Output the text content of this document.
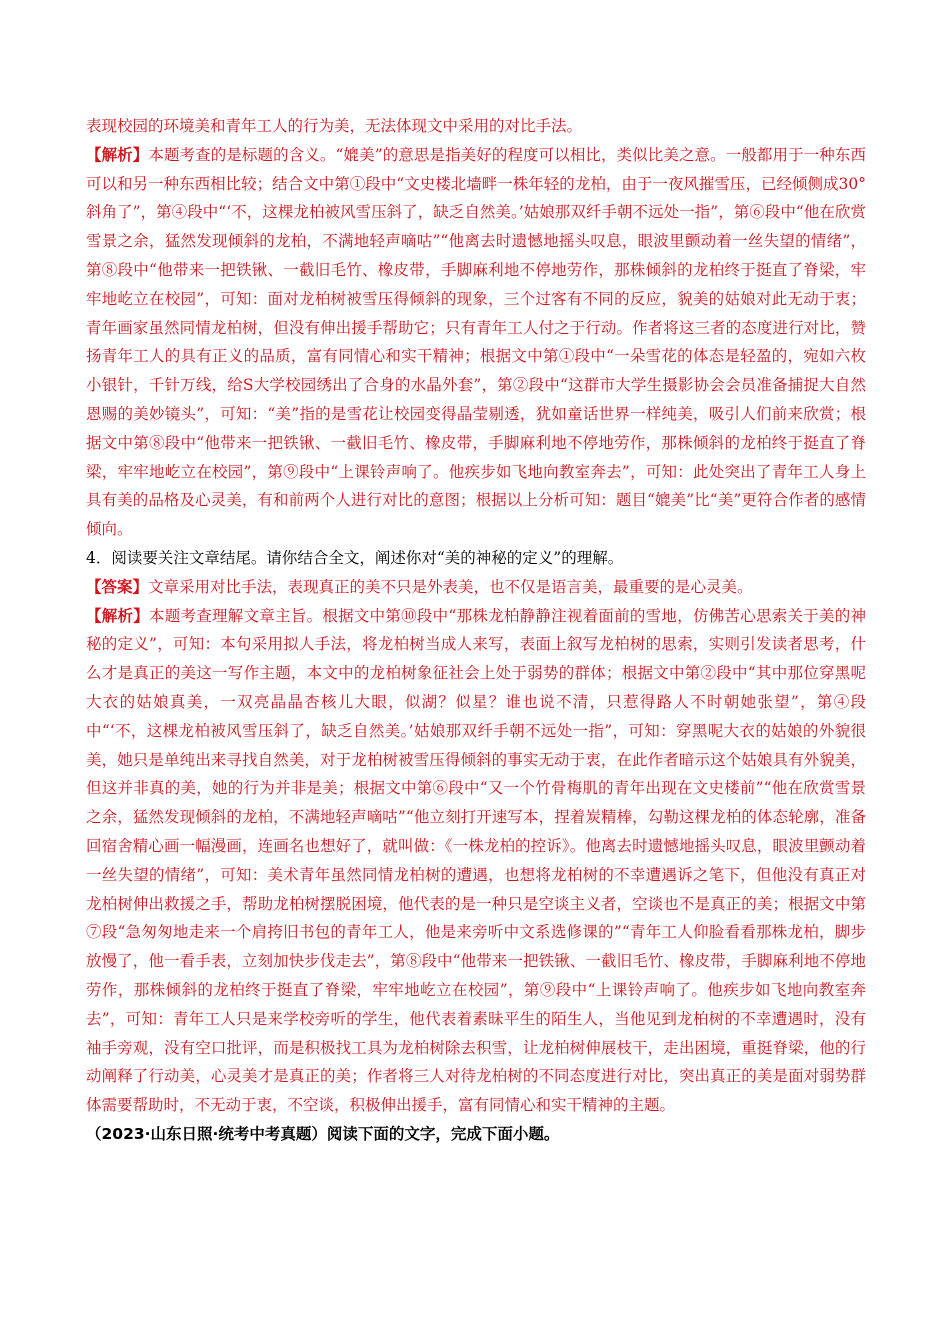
表现校园的环境美和青年工人的行为美，无法体现文中采用的对比手法。

【解析】本题考查的是标题的含义。“媲美”的意思是指美好的程度可以相比，类似比美之意。一般都用于一种东西可以和另一种东西相比较；结合文中第①段中“文史楼北墙畔一株年轻的龙柏，由于一夜风摧雪压，已经倾侧成30°斜角了”，第④段中“‘不，这棵龙柏被风雪压斜了，缺乏自然美。’姑娘那双纤手朝不远处一指”，第⑥段中“他在欣赏雪景之余，猛然发现倾斜的龙柏，不满地轻声嘀咕”“他离去时遗憾地摇头叹息，眼波里颤动着一丝失望的情绪”，第⑧段中“他带来一把铁锹、一截旧毛竹、橡皮带，手脚麻利地不停地劳作，那株倾斜的龙柏终于挺直了脊梁，牢牢地屹立在校园”，可知：面对龙柏树被雪压得倾斜的现象，三个过客有不同的反应，貌美的姑娘对此无动于衷；青年画家虽然同情龙柏树，但没有伸出援手帮助它；只有青年工人付之于行动。作者将这三者的态度进行对比，赞扬青年工人的具有正义的品质，富有同情心和实干精神；根据文中第①段中“一朵雪花的体态是轻盈的，宛如六枚小银针，千针万线，给S大学校园绣出了合身的水晶外套”，第②段中“这群市大学生摄影协会会员准备捕捉大自然恩赐的美妙镜头”，可知：“美”指的是雪花让校园变得晶莹剔透，犹如童话世界一样纯美，吸引人们前来欣赏；根据文中第⑧段中“他带来一把铁锹、一截旧毛竹、橡皮带，手脚麻利地不停地劳作，那株倾斜的龙柏终于挺直了脊梁，牢牢地屹立在校园”，第⑨段中“上课铃声响了。他疾步如飞地向教室奔去”，可知：此处突出了青年工人身上具有美的品格及心灵美，有和前两个人进行对比的意图；根据以上分析可知：题目“媲美”比“美”更符合作者的感情倾向。

4．阅读要关注文章结尾。请你结合全文，阐述你对“美的神秘的定义”的理解。

【答案】文章采用对比手法，表现真正的美不只是外表美，也不仅是语言美，最重要的是心灵美。

【解析】本题考查理解文章主旨。根据文中第⑩段中“那株龙柏静静注视着面前的雪地，仿佛苦心思索关于美的神秘的定义”，可知：本句采用拟人手法，将龙柏树当成人来写，表面上叙写龙柏树的思索，实则引发读者思考，什么才是真正的美这一写作主题，本文中的龙柏树象征社会上处于弱势的群体；根据文中第②段中“其中那位穿黑呢大衣的姑娘真美，一双亮晶晶杏核儿大眼，似湖？似星？谁也说不清，只惹得路人不时朝她张望”，第④段中“‘不，这棵龙柏被风雪压斜了，缺乏自然美。’姑娘那双纤手朝不远处一指”，可知：穿黑呢大衣的姑娘的外貌很美，她只是单纯出来寻找自然美，对于龙柏树被雪压得倾斜的事实无动于衷，在此作者暗示这个姑娘具有外貌美，但这并非真的美，她的行为并非是美；根据文中第⑥段中“又一个竹骨梅肌的青年出现在文史楼前”“他在欣赏雪景之余，猛然发现倾斜的龙柏，不满地轻声嘀咕”“他立刻打开速写本，捏着炭精棒，勾勒这棵龙柏的体态轮廓，准备回宿舍精心画一幅漫画，连画名也想好了，就叫做：《一株龙柏的控诉》。他离去时遗憾地摇头叹息，眼波里颤动着一丝失望的情绪”，可知：美术青年虽然同情龙柏树的遭遇，也想将龙柏树的不幸遭遇诉之笔下，但他没有真正对龙柏树伸出救援之手，帮助龙柏树摆脱困境，他代表的是一种只是空谈主义者，空谈也不是真正的美；根据文中第⑦段“急匆匆地走来一个肩挎旧书包的青年工人，他是来旁听中文系选修课的”“青年工人仰脸看看那株龙柏，脚步放慢了，他一看手表，立刻加快步伐走去”，第⑧段中“他带来一把铁锹、一截旧毛竹、橡皮带，手脚麻利地不停地劳作，那株倾斜的龙柏终于挺直了脊梁，牢牢地屹立在校园”，第⑨段中“上课铃声响了。他疾步如飞地向教室奔去”，可知：青年工人只是来学校旁听的学生，他代表着素昧平生的陌生人，当他见到龙柏树的不幸遭遇时，没有袖手旁观，没有空口批评，而是积极找工具为龙柏树除去积雪，让龙柏树伸展枝干，走出困境，重挺脊梁，他的行动阐释了行动美，心灵美才是真正的美；作者将三人对待龙柏树的不同态度进行对比，突出真正的美是面对弱势群体需要帮助时，不无动于衷，不空谈，积极伸出援手，富有同情心和实干精神的主题。

（2023·山东日照·统考中考真题）阅读下面的文字，完成下面小题。
